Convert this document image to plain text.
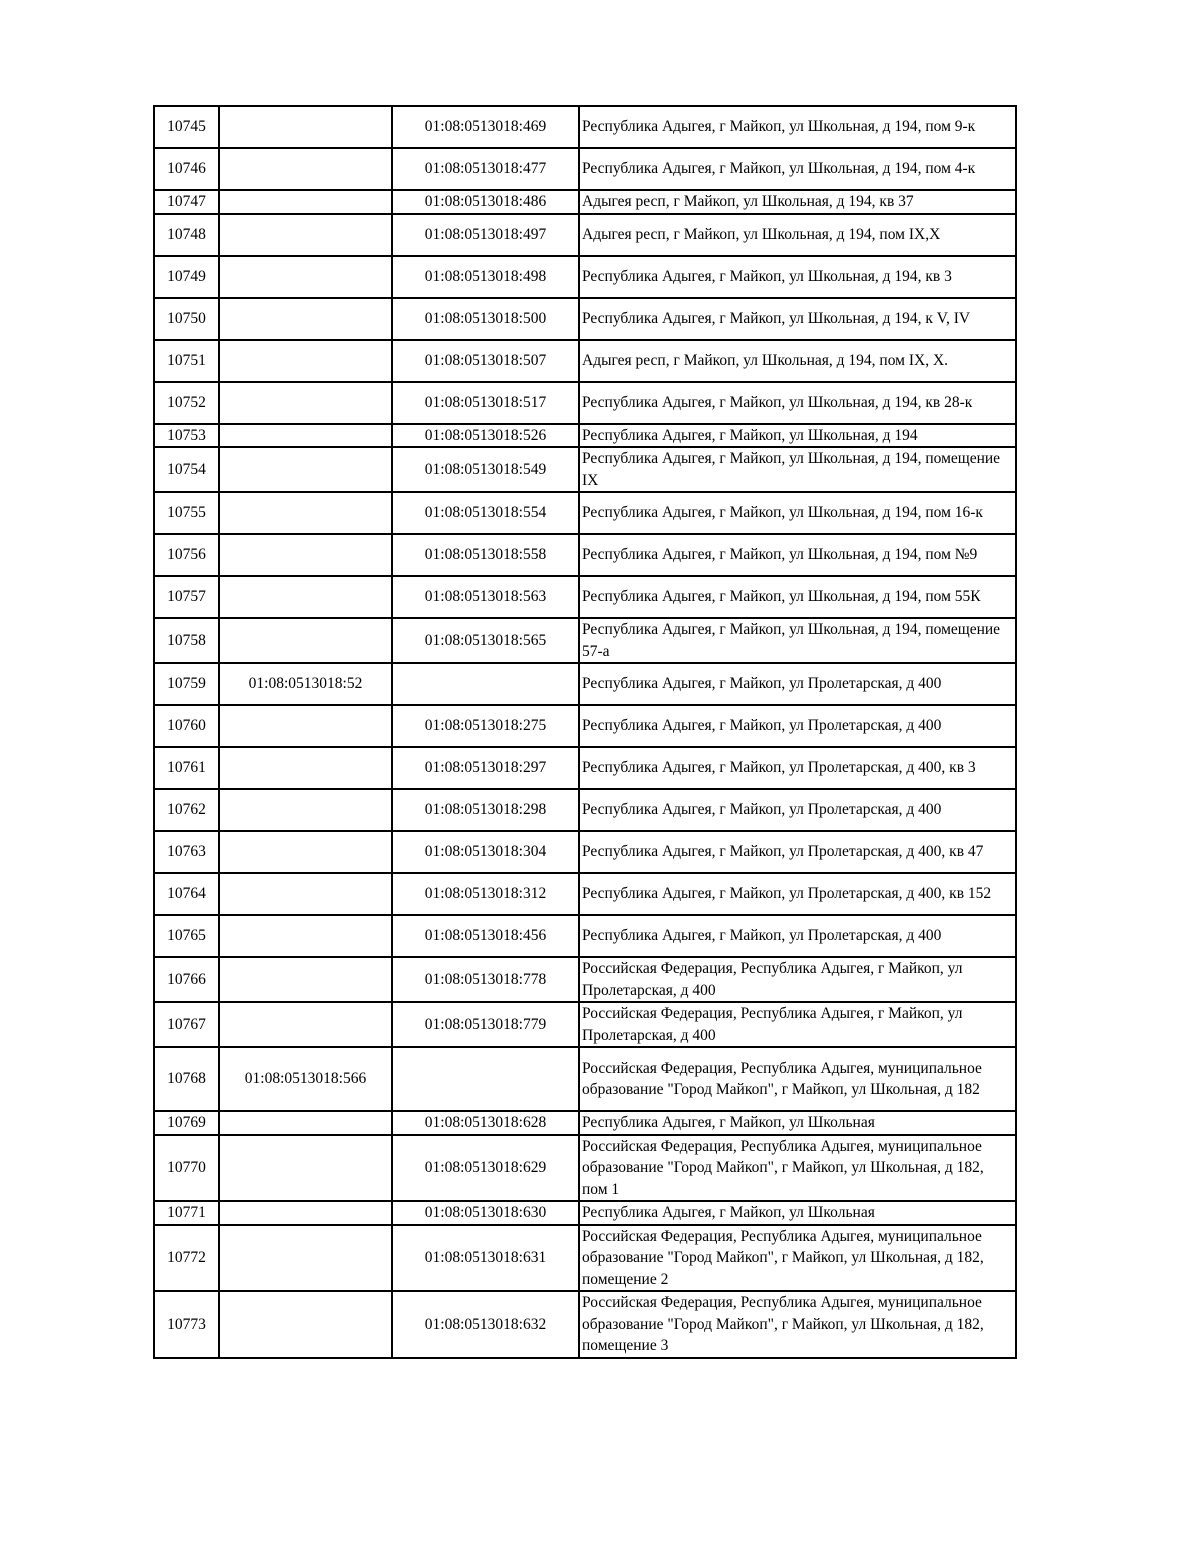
10745		01:08:0513018:469	Республика Адыгея, г Майкоп, ул Школьная, д 194, пом 9-к
10746		01:08:0513018:477	Республика Адыгея, г Майкоп, ул Школьная, д 194, пом 4-к
10747		01:08:0513018:486	Адыгея респ, г Майкоп, ул Школьная, д 194, кв 37
10748		01:08:0513018:497	Адыгея респ, г Майкоп, ул Школьная, д 194, пом IX,X
10749		01:08:0513018:498	Республика Адыгея, г Майкоп, ул Школьная, д 194, кв 3
10750		01:08:0513018:500	Республика Адыгея, г Майкоп, ул Школьная, д 194, к V, IV
10751		01:08:0513018:507	Адыгея респ, г Майкоп, ул Школьная, д 194, пом IX, X.
10752		01:08:0513018:517	Республика Адыгея, г Майкоп, ул Школьная, д 194, кв 28-к
10753		01:08:0513018:526	Республика Адыгея, г Майкоп, ул Школьная, д 194
10754		01:08:0513018:549	Республика Адыгея, г Майкоп, ул Школьная, д 194, помещение IX
10755		01:08:0513018:554	Республика Адыгея, г Майкоп, ул Школьная, д 194, пом 16-к
10756		01:08:0513018:558	Республика Адыгея, г Майкоп, ул Школьная, д 194, пом №9
10757		01:08:0513018:563	Республика Адыгея, г Майкоп, ул Школьная, д 194, пом 55К
10758		01:08:0513018:565	Республика Адыгея, г Майкоп, ул Школьная, д 194, помещение 57-а
10759	01:08:0513018:52		Республика Адыгея, г Майкоп, ул Пролетарская, д 400
10760		01:08:0513018:275	Республика Адыгея, г Майкоп, ул Пролетарская, д 400
10761		01:08:0513018:297	Республика Адыгея, г Майкоп, ул Пролетарская, д 400, кв 3
10762		01:08:0513018:298	Республика Адыгея, г Майкоп, ул Пролетарская, д 400
10763		01:08:0513018:304	Республика Адыгея, г Майкоп, ул Пролетарская, д 400, кв 47
10764		01:08:0513018:312	Республика Адыгея, г Майкоп, ул Пролетарская, д 400, кв 152
10765		01:08:0513018:456	Республика Адыгея, г Майкоп, ул Пролетарская, д 400
10766		01:08:0513018:778	Российская Федерация, Республика Адыгея, г Майкоп, ул Пролетарская, д 400
10767		01:08:0513018:779	Российская Федерация, Республика Адыгея, г Майкоп, ул Пролетарская, д 400
10768	01:08:0513018:566		Российская Федерация, Республика Адыгея, муниципальное образование "Город Майкоп", г Майкоп, ул Школьная, д 182
10769		01:08:0513018:628	Республика Адыгея, г Майкоп, ул Школьная
10770		01:08:0513018:629	Российская Федерация, Республика Адыгея, муниципальное образование "Город Майкоп", г Майкоп, ул Школьная, д 182, пом 1
10771		01:08:0513018:630	Республика Адыгея, г Майкоп, ул Школьная
10772		01:08:0513018:631	Российская Федерация, Республика Адыгея, муниципальное образование "Город Майкоп", г Майкоп, ул Школьная, д 182, помещение 2
10773		01:08:0513018:632	Российская Федерация, Республика Адыгея, муниципальное образование "Город Майкоп", г Майкоп, ул Школьная, д 182, помещение 3
